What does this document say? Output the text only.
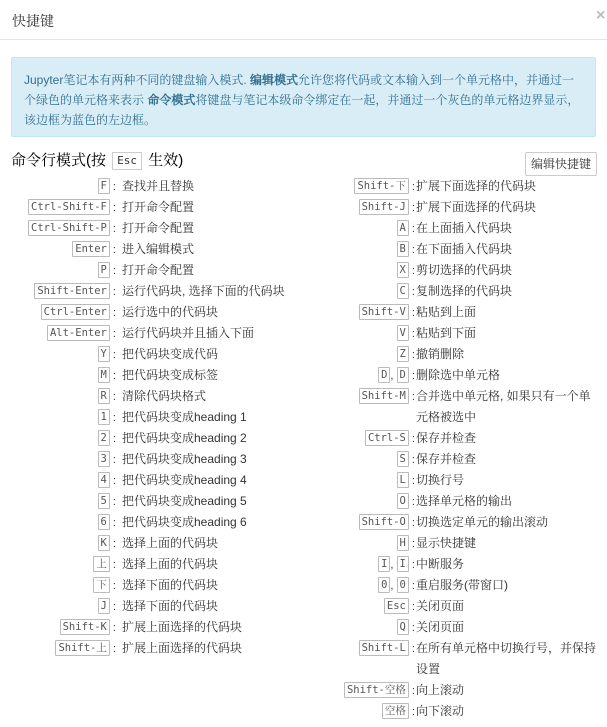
快捷键	×
Jupyter笔记本有两种不同的键盘输入模式. 编辑模式允许您将代码或文本输入到一个单元格中，并通过一个绿色的单元格来表示 命令模式将键盘与笔记本级命令绑定在一起，并通过一个灰色的单元格边界显示，该边框为蓝色的左边框。
命令行模式(按 Esc 生效)	编辑快捷键
F : 查找并且替换
Ctrl-Shift-F : 打开命令配置
Ctrl-Shift-P : 打开命令配置
Enter : 进入编辑模式
P : 打开命令配置
Shift-Enter : 运行代码块, 选择下面的代码块
Ctrl-Enter : 运行选中的代码块
Alt-Enter : 运行代码块并且插入下面
Y : 把代码块变成代码
M : 把代码块变成标签
R : 清除代码块格式
1 : 把代码块变成heading 1
2 : 把代码块变成heading 2
3 : 把代码块变成heading 3
4 : 把代码块变成heading 4
5 : 把代码块变成heading 5
6 : 把代码块变成heading 6
K : 选择上面的代码块
上 : 选择上面的代码块
下 : 选择下面的代码块
J : 选择下面的代码块
Shift-K : 扩展上面选择的代码块
Shift-上 : 扩展上面选择的代码块
Shift-下 : 扩展下面选择的代码块
Shift-J : 扩展下面选择的代码块
A : 在上面插入代码块
B : 在下面插入代码块
X : 剪切选择的代码块
C : 复制选择的代码块
Shift-V : 粘贴到上面
V : 粘贴到下面
Z : 撤销删除
D , D : 删除选中单元格
Shift-M : 合并选中单元格, 如果只有一个单元格被选中
Ctrl-S : 保存并检查
S : 保存并检查
L : 切换行号
O : 选择单元格的输出
Shift-O : 切换选定单元的输出滚动
H : 显示快捷键
I , I : 中断服务
0 , 0 : 重启服务(带窗口)
Esc : 关闭页面
Q : 关闭页面
Shift-L : 在所有单元格中切换行号，并保持设置
Shift-空格 : 向上滚动
空格 : 向下滚动
